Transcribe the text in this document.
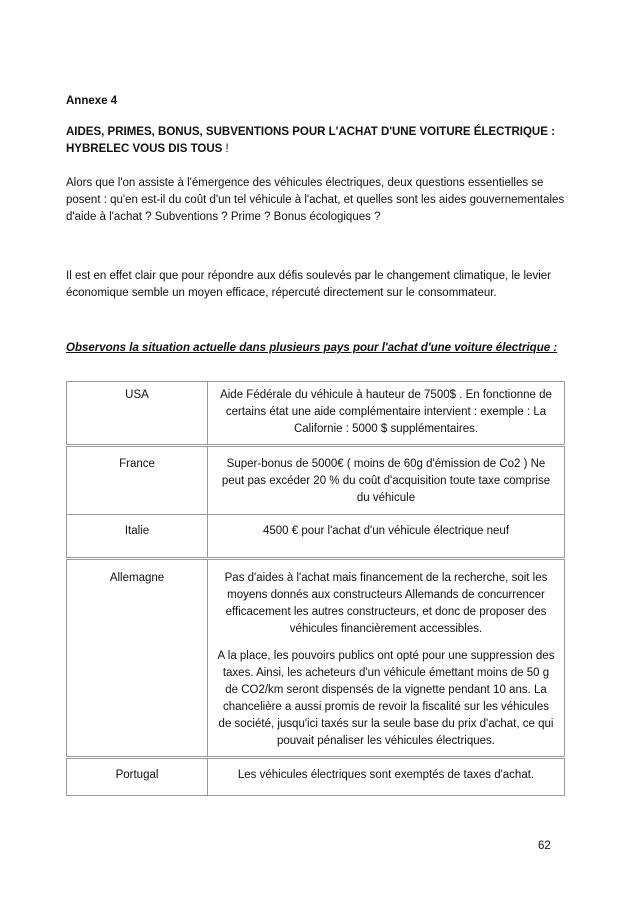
Annexe 4
AIDES, PRIMES, BONUS, SUBVENTIONS POUR L'ACHAT D'UNE VOITURE ÉLECTRIQUE : HYBRELEC VOUS DIS TOUS !
Alors que l'on assiste à l'émergence des véhicules électriques, deux questions essentielles se posent : qu'en est-il du coût d'un tel véhicule à l'achat, et quelles sont les aides gouvernementales d'aide à l'achat ? Subventions ? Prime ? Bonus écologiques ?
Il est en effet clair que pour répondre aux défis soulevés par le changement climatique, le levier économique semble un moyen efficace, répercuté directement sur le consommateur.
Observons la situation actuelle dans plusieurs pays pour l'achat d'une voiture électrique :
USA	Aide Fédérale du véhicule à hauteur de 7500$ . En fonctionne de certains état une aide complémentaire intervient : exemple : La Californie : 5000 $ supplémentaires.
France	Super-bonus de 5000€ ( moins de 60g d'émission de Co2 ) Ne peut pas excéder 20 % du coût d'acquisition toute taxe comprise du véhicule
Italie	4500 € pour l'achat d'un véhicule électrique neuf
Allemagne	Pas d'aides à l'achat mais financement de la recherche, soit les moyens donnés aux constructeurs Allemands de concurrencer efficacement les autres constructeurs, et donc de proposer des véhicules financièrement accessibles.
A la place, les pouvoirs publics ont opté pour une suppression des taxes. Ainsi, les acheteurs d'un véhicule émettant moins de 50 g de CO2/km seront dispensés de la vignette pendant 10 ans. La chancelière a aussi promis de revoir la fiscalité sur les véhicules de société, jusqu'ici taxés sur la seule base du prix d'achat, ce qui pouvait pénaliser les véhicules électriques.
Portugal	Les véhicules électriques sont exemptés de taxes d'achat.
62
